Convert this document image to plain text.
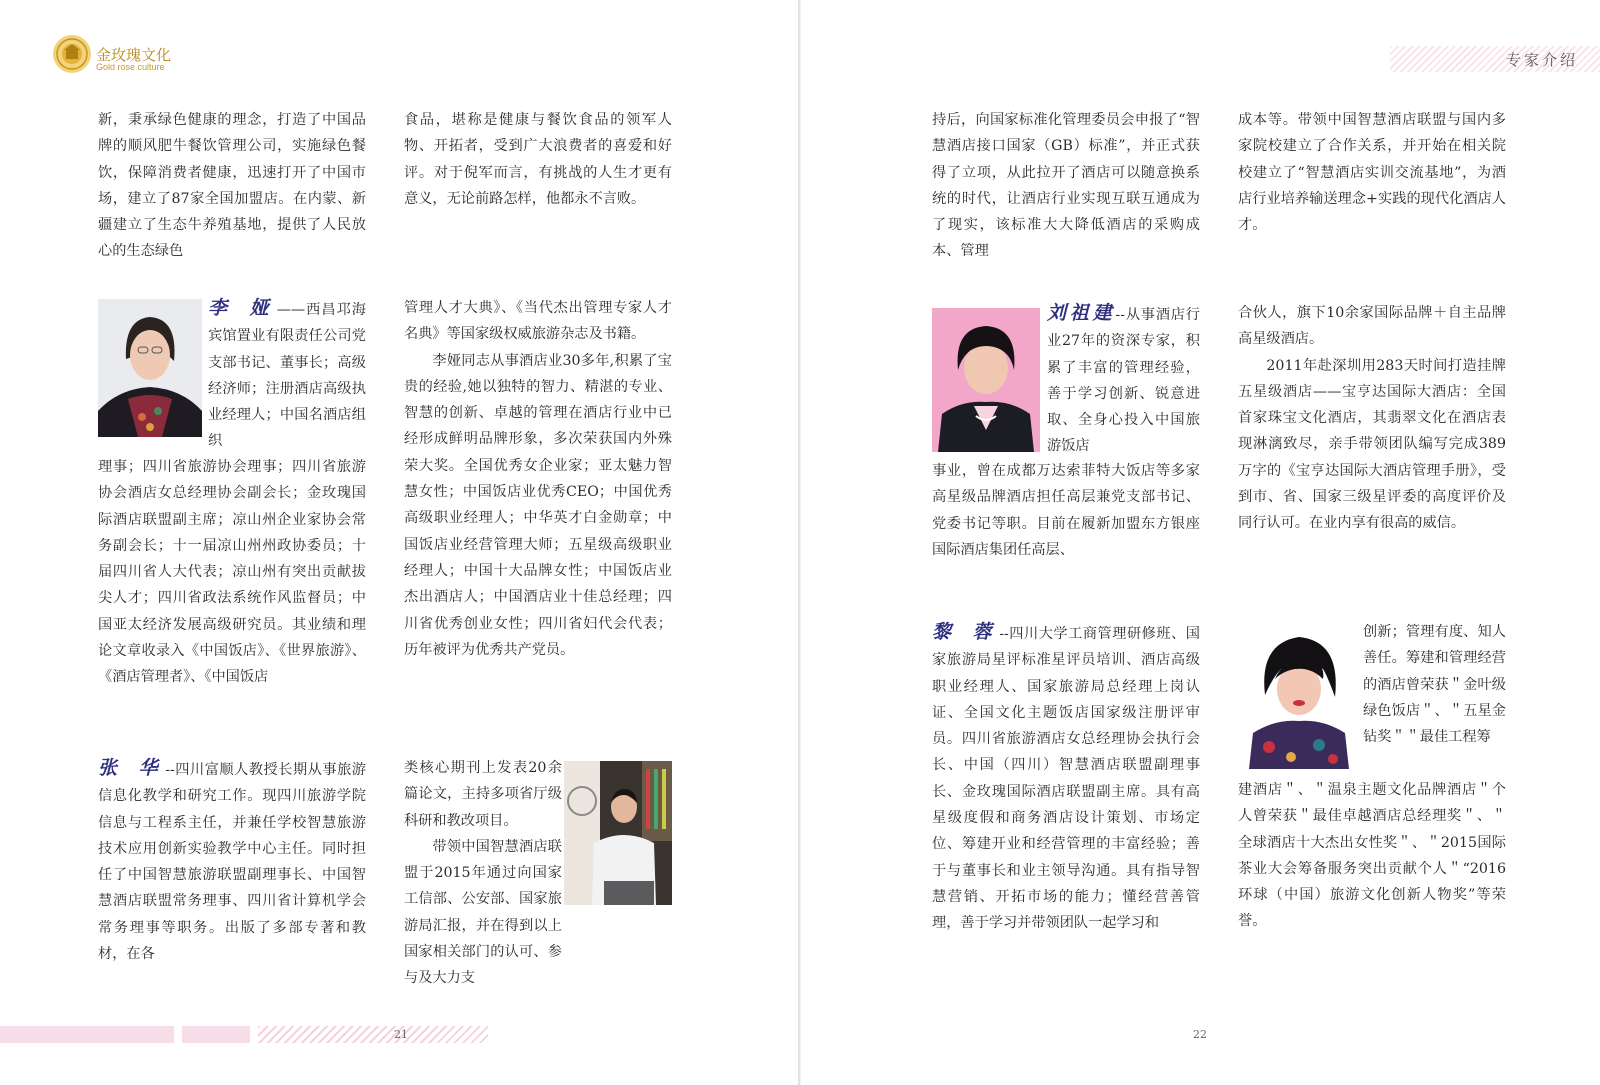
金玫瑰文化
Gold rose culture

新，秉承绿色健康的理念，打造了中国品牌的顺风肥牛餐饮管理公司，实施绿色餐饮，保障消费者健康，迅速打开了中国市场，建立了87家全国加盟店。在内蒙、新疆建立了生态牛养殖基地，提供了人民放心的生态绿色

食品，堪称是健康与餐饮食品的领军人物、开拓者，受到广大浪费者的喜爱和好评。对于倪军而言，有挑战的人生才更有意义，无论前路怎样，他都永不言败。

李 娅——西昌邛海宾馆置业有限责任公司党支部书记、董事长；高级经济师；注册酒店高级执业经理人；中国名酒店组织

理事；四川省旅游协会理事；四川省旅游协会酒店女总经理协会副会长；金玫瑰国际酒店联盟副主席；凉山州企业家协会常务副会长；十一届凉山州州政协委员；十届四川省人大代表；凉山州有突出贡献拔尖人才；四川省政法系统作风监督员；中国亚太经济发展高级研究员。其业绩和理论文章收录入《中国饭店》、《世界旅游》、《酒店管理者》、《中国饭店

管理人才大典》、《当代杰出管理专家人才名典》等国家级权威旅游杂志及书籍。

李娅同志从事酒店业30多年,积累了宝贵的经验,她以独特的智力、精湛的专业、智慧的创新、卓越的管理在酒店行业中已经形成鲜明品牌形象，多次荣获国内外殊荣大奖。全国优秀女企业家；亚太魅力智慧女性；中国饭店业优秀CEO；中国优秀高级职业经理人；中华英才白金勋章；中国饭店业经营管理大师；五星级高级职业经理人；中国十大品牌女性；中国饭店业杰出酒店人；中国酒店业十佳总经理；四川省优秀创业女性；四川省妇代会代表；历年被评为优秀共产党员。

张 华--四川富顺人教授长期从事旅游信息化教学和研究工作。现四川旅游学院信息与工程系主任，并兼任学校智慧旅游技术应用创新实验教学中心主任。同时担任了中国智慧旅游联盟副理事长、中国智慧酒店联盟常务理事、四川省计算机学会常务理事等职务。出版了多部专著和教材，在各

类核心期刊上发表20余篇论文，主持多项省厅级科研和教改项目。

带领中国智慧酒店联盟于2015年通过向国家工信部、公安部、国家旅游局汇报，并在得到以上国家相关部门的认可、参与及大力支

21
专家介绍

持后，向国家标准化管理委员会申报了“智慧酒店接口国家（GB）标准”，并正式获得了立项，从此拉开了酒店可以随意换系统的时代，让酒店行业实现互联互通成为了现实，该标准大大降低酒店的采购成本、管理

成本等。带领中国智慧酒店联盟与国内多家院校建立了合作关系，并开始在相关院校建立了“智慧酒店实训交流基地”，为酒店行业培养输送理念+实践的现代化酒店人才。

刘祖建--从事酒店行业27年的资深专家，积累了丰富的管理经验，善于学习创新、锐意进取、全身心投入中国旅游饭店

事业，曾在成都万达索菲特大饭店等多家高星级品牌酒店担任高层兼党支部书记、党委书记等职。目前在履新加盟东方银座国际酒店集团任高层、

合伙人，旗下10余家国际品牌＋自主品牌高星级酒店。

2011年赴深圳用283天时间打造挂牌五星级酒店——宝亨达国际大酒店：全国首家珠宝文化酒店，其翡翠文化在酒店表现淋漓致尽，亲手带领团队编写完成389万字的《宝亨达国际大酒店管理手册》，受到市、省、国家三级星评委的高度评价及同行认可。在业内享有很高的威信。

黎 蓉--四川大学工商管理研修班、国家旅游局星评标准星评员培训、酒店高级职业经理人、国家旅游局总经理上岗认证、全国文化主题饭店国家级注册评审员。四川省旅游酒店女总经理协会执行会长、中国（四川）智慧酒店联盟副理事长、金玫瑰国际酒店联盟副主席。具有高星级度假和商务酒店设计策划、市场定位、筹建开业和经营管理的丰富经验；善于与董事长和业主领导沟通。具有指导智慧营销、开拓市场的能力；懂经营善管理，善于学习并带领团队一起学习和

创新；管理有度、知人善任。筹建和管理经营的酒店曾荣获＂金叶级绿色饭店＂、＂五星金钻奖＂＂最佳工程筹

建酒店＂、＂温泉主题文化品牌酒店＂个人曾荣获＂最佳卓越酒店总经理奖＂、＂全球酒店十大杰出女性奖＂、＂2015国际茶业大会筹备服务突出贡献个人＂“2016环球（中国）旅游文化创新人物奖”等荣誉。

22
